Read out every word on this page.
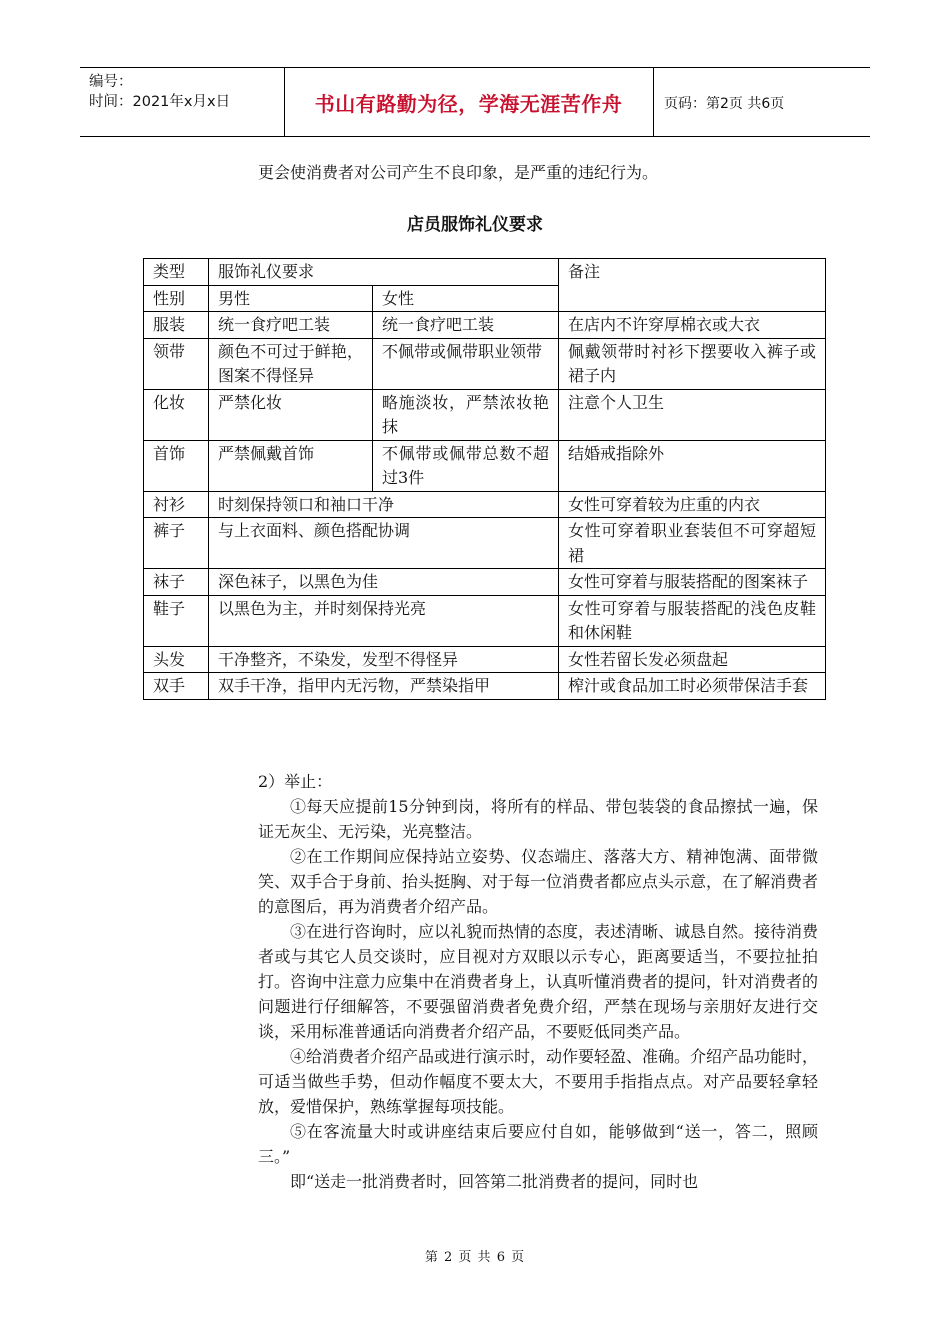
编号：
时间：2021年x月x日	书山有路勤为径，学海无涯苦作舟	页码：第2页 共6页
更会使消费者对公司产生不良印象，是严重的违纪行为。
店员服饰礼仪要求
类型	服饰礼仪要求		备注
性别	男性	女性	
服装	统一食疗吧工装	统一食疗吧工装	在店内不许穿厚棉衣或大衣
领带	颜色不可过于鲜艳，图案不得怪异	不佩带或佩带职业领带	佩戴领带时衬衫下摆要收入裤子或裙子内
化妆	严禁化妆	略施淡妆，严禁浓妆艳抹	注意个人卫生
首饰	严禁佩戴首饰	不佩带或佩带总数不超过3件	结婚戒指除外
衬衫	时刻保持领口和袖口干净		女性可穿着较为庄重的内衣
裤子	与上衣面料、颜色搭配协调		女性可穿着职业套装但不可穿超短裙
袜子	深色袜子，以黑色为佳		女性可穿着与服装搭配的图案袜子
鞋子	以黑色为主，并时刻保持光亮		女性可穿着与服装搭配的浅色皮鞋和休闲鞋
头发	干净整齐，不染发，发型不得怪异		女性若留长发必须盘起
双手	双手干净，指甲内无污物，严禁染指甲		榨汁或食品加工时必须带保洁手套

2）举止：

①每天应提前15分钟到岗，将所有的样品、带包装袋的食品擦拭一遍，保证无灰尘、无污染，光亮整洁。

②在工作期间应保持站立姿势、仪态端庄、落落大方、精神饱满、面带微笑、双手合于身前、抬头挺胸、对于每一位消费者都应点头示意，在了解消费者的意图后，再为消费者介绍产品。

③在进行咨询时，应以礼貌而热情的态度，表述清晰、诚恳自然。接待消费者或与其它人员交谈时，应目视对方双眼以示专心，距离要适当，不要拉扯拍打。咨询中注意力应集中在消费者身上，认真听懂消费者的提问，针对消费者的问题进行仔细解答，不要强留消费者免费介绍，严禁在现场与亲朋好友进行交谈，采用标准普通话向消费者介绍产品，不要贬低同类产品。

④给消费者介绍产品或进行演示时，动作要轻盈、准确。介绍产品功能时，可适当做些手势，但动作幅度不要太大，不要用手指指点点。对产品要轻拿轻放，爱惜保护，熟练掌握每项技能。

⑤在客流量大时或讲座结束后要应付自如，能够做到“送一，答二，照顾三。”

即“送走一批消费者时，回答第二批消费者的提问，同时也

第 2 页 共 6 页
